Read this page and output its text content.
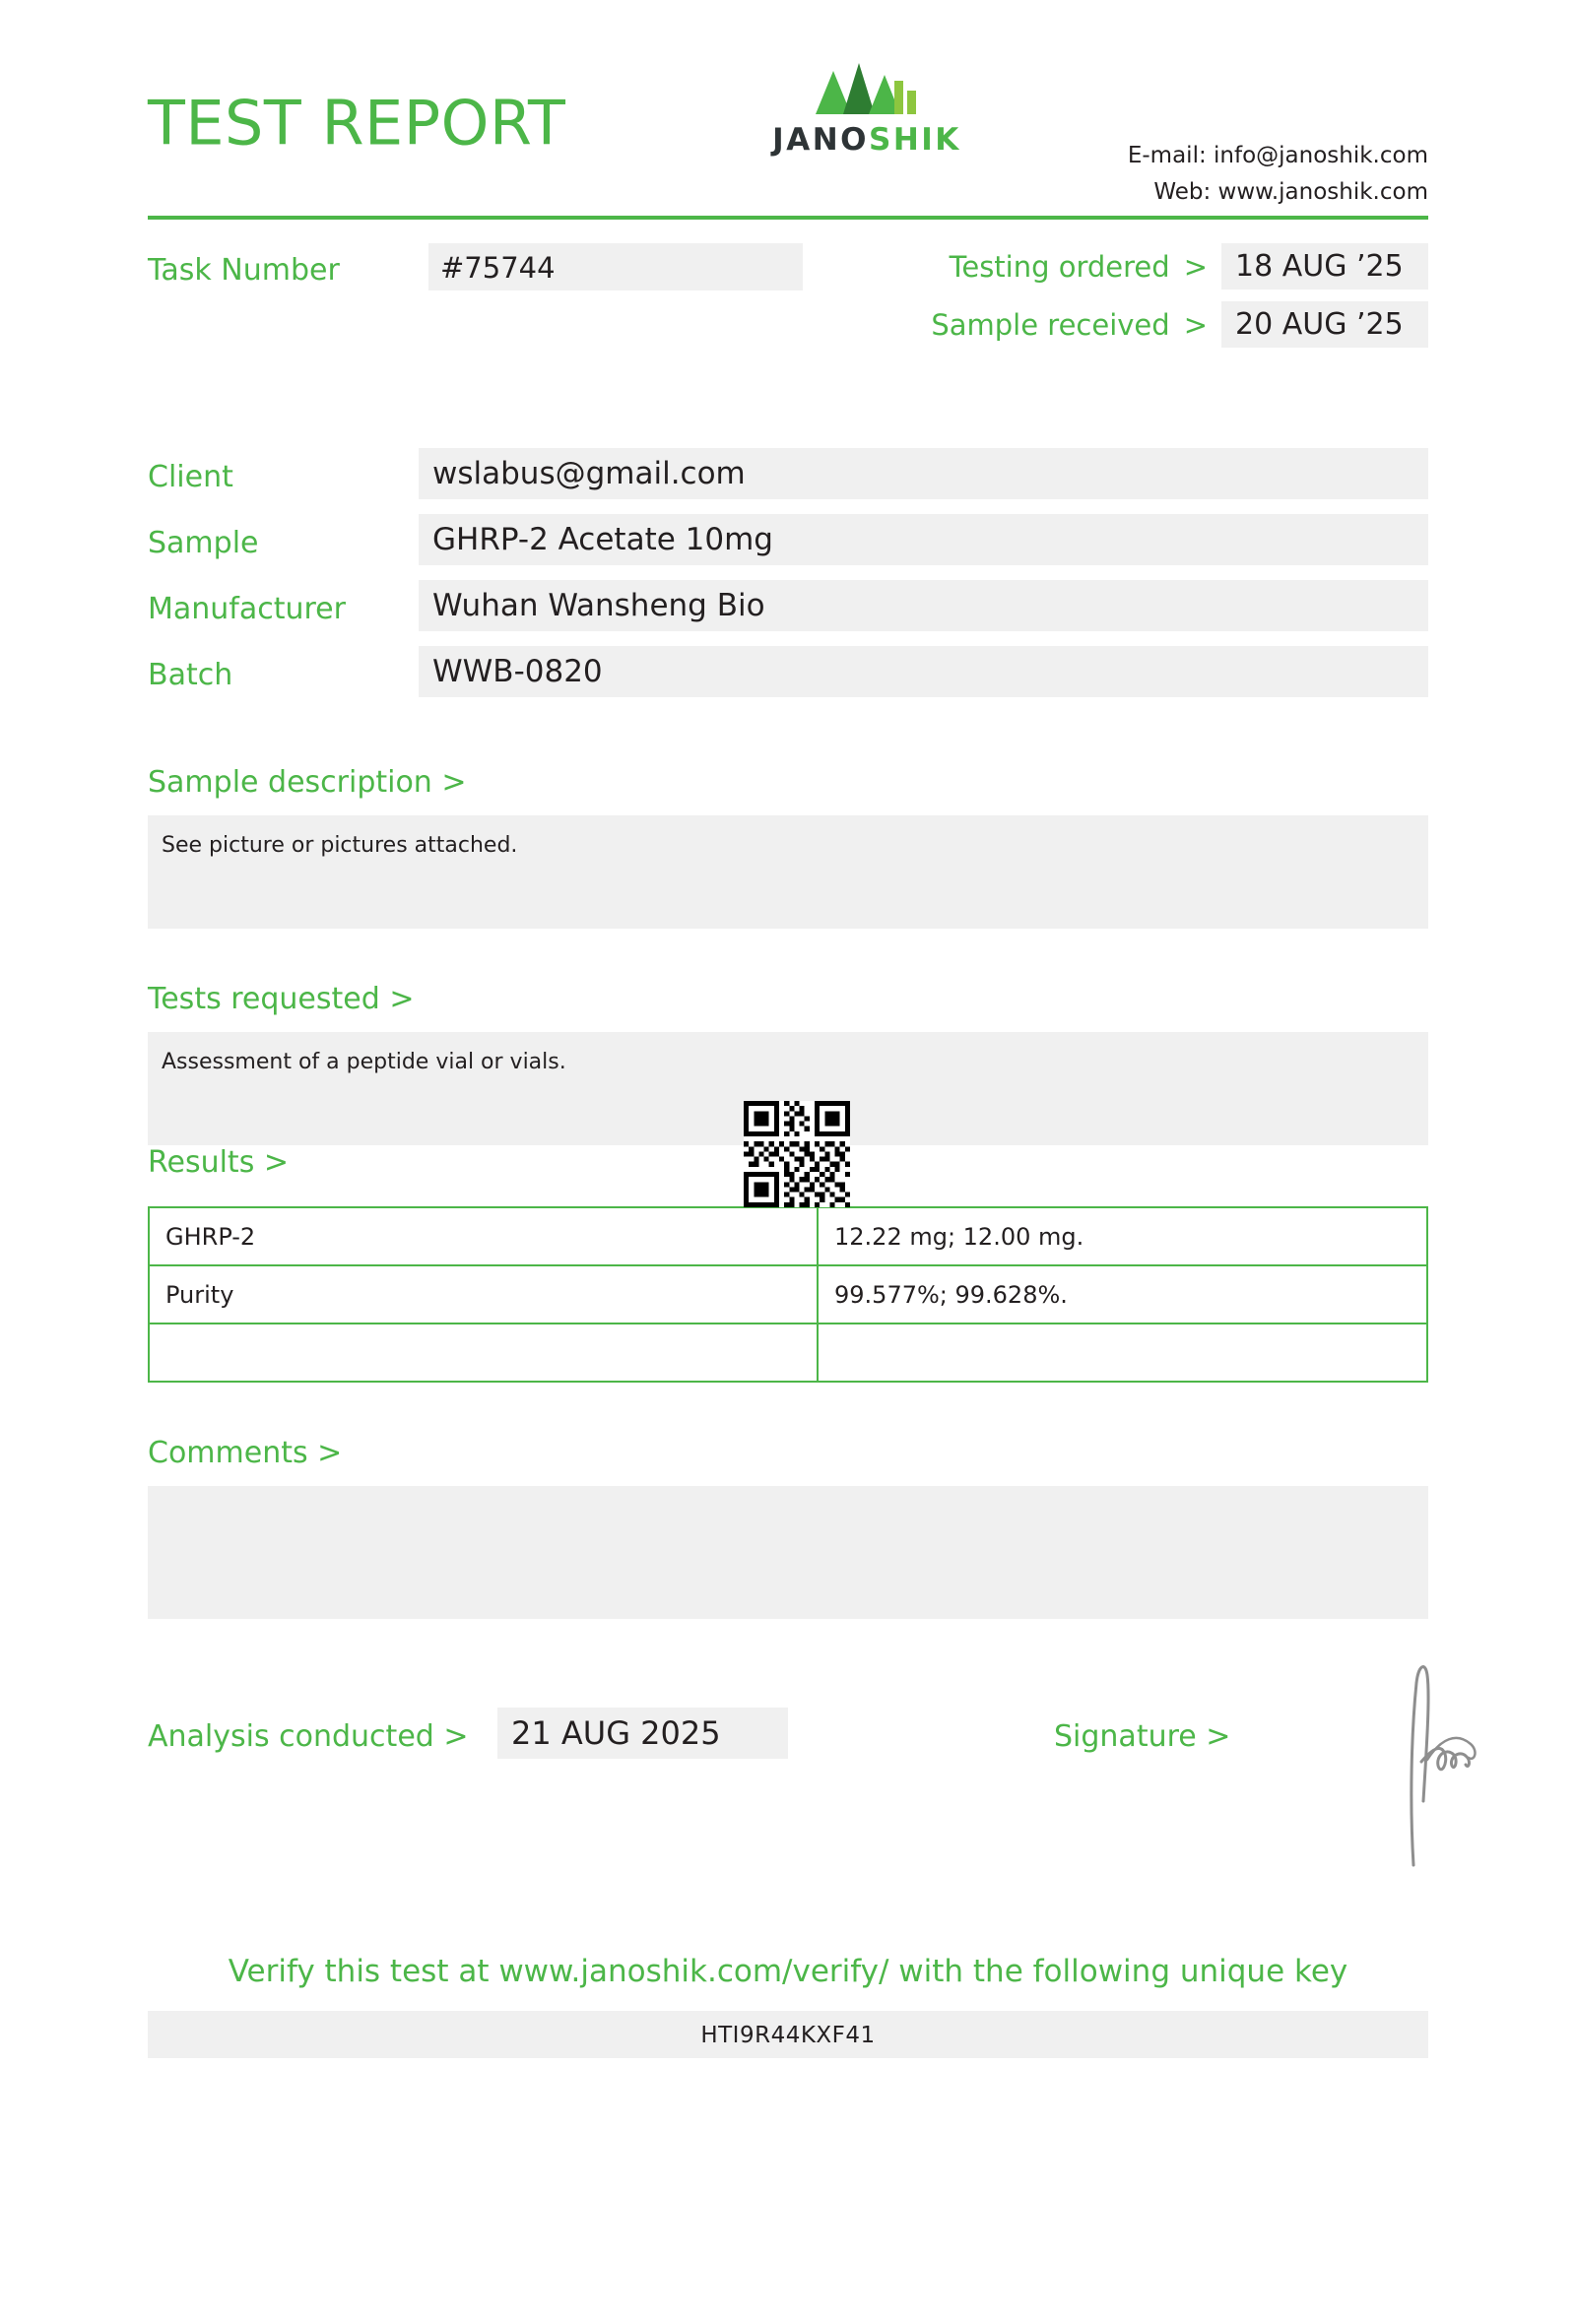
TEST REPORT	JANOSHIK	E-mail: info@janoshik.com
Web: www.janoshik.com
Task Number	#75744	Testing ordered > 18 AUG ’25
Sample received > 20 AUG ’25
Client	wslabus@gmail.com
Sample	GHRP-2 Acetate 10mg
Manufacturer	Wuhan Wansheng Bio
Batch	WWB-0820
Sample description >
See picture or pictures attached.
Tests requested >
Assessment of a peptide vial or vials.
Results >
GHRP-2	12.22 mg; 12.00 mg.
Purity	99.577%; 99.628%.

Comments >
Analysis conducted >	21 AUG 2025	Signature >
Verify this test at www.janoshik.com/verify/ with the following unique key
HTI9R44KXF41
